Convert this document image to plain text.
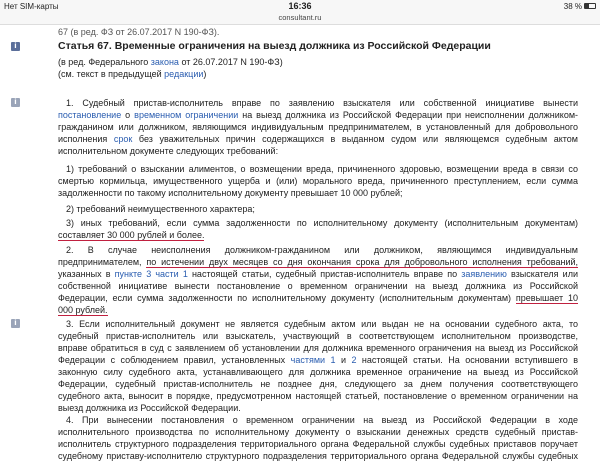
Нет SIM-карты	16:36	38 %
consultant.ru
67 (в ред. ФЗ от 26.07.2017 N 190-ФЗ).
i	Статья 67. Временные ограничения на выезд должника из Российской Федерации
(в ред. Федерального закона от 26.07.2017 N 190-ФЗ)
(см. текст в предыдущей редакции)
i	1. Судебный пристав-исполнитель вправе по заявлению взыскателя или собственной инициативе вынести
постановление о временном ограничении на выезд должника из Российской Федерации при неисполнении должником-
гражданином или должником, являющимся индивидуальным предпринимателем, в установленный для добровольного
исполнения срок без уважительных причин содержащихся в выданном судом или являющемся судебным актом
исполнительном документе следующих требований:
1) требований о взыскании алиментов, о возмещении вреда, причиненного здоровью, возмещении вреда в связи со
смертью кормильца, имущественного ущерба и (или) морального вреда, причиненного преступлением, если сумма
задолженности по такому исполнительному документу превышает 10 000 рублей;
2) требований неимущественного характера;
3) иных требований, если сумма задолженности по исполнительному документу (исполнительным документам)
составляет 30 000 рублей и более.
2. В случае неисполнения должником-гражданином или должником, являющимся индивидуальным
предпринимателем, по истечении двух месяцев со дня окончания срока для добровольного исполнения требований,
указанных в пункте 3 части 1 настоящей статьи, судебный пристав-исполнитель вправе по заявлению взыскателя или
собственной инициативе вынести постановление о временном ограничении на выезд должника из Российской
Федерации, если сумма задолженности по исполнительному документу (исполнительным документам) превышает 10
000 рублей.
i	3. Если исполнительный документ не является судебным актом или выдан не на основании судебного акта, то
судебный пристав-исполнитель или взыскатель, участвующий в соответствующем исполнительном производстве,
вправе обратиться в суд с заявлением об установлении для должника временного ограничения на выезд из Российской
Федерации с соблюдением правил, установленных частями 1 и 2 настоящей статьи. На основании вступившего в
законную силу судебного акта, устанавливающего для должника временное ограничение на выезд из Российской
Федерации, судебный пристав-исполнитель не позднее дня, следующего за днем получения соответствующего
судебного акта, выносит в порядке, предусмотренном настоящей статьей, постановление о временном ограничении на
выезд должника из Российской Федерации.
4. При вынесении постановления о временном ограничении на выезд из Российской Федерации в ходе
исполнительного производства по исполнительному документу о взыскании денежных средств судебный пристав-
исполнитель структурного подразделения территориального органа Федеральной службы судебных приставов поручает
судебному приставу-исполнителю структурного подразделения территориального органа Федеральной службы судебных
